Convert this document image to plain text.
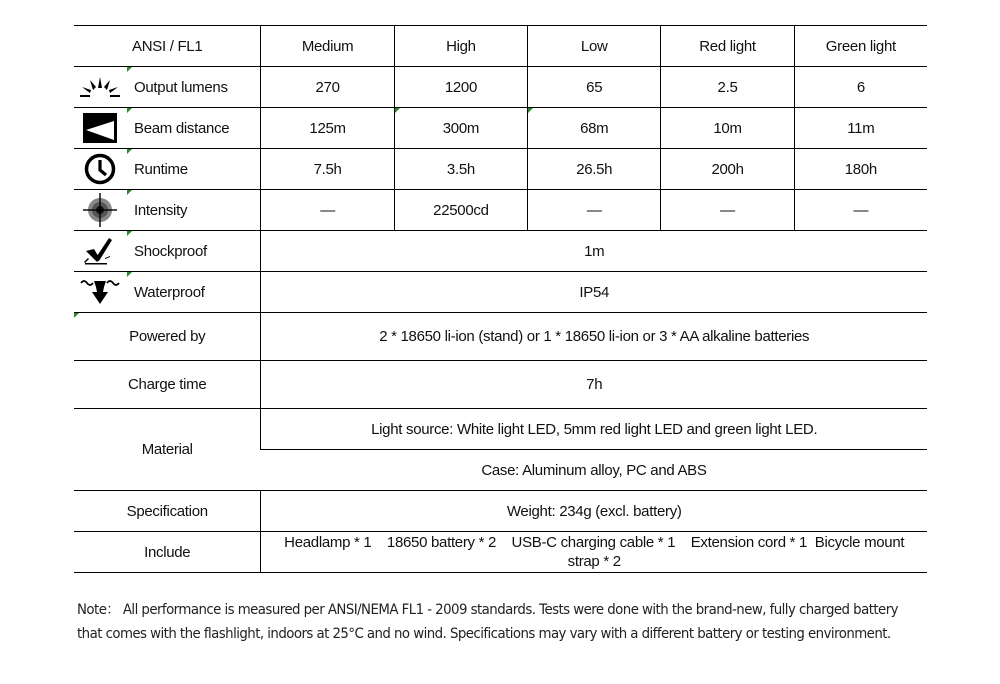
ANSI / FL1	Medium	High	Low	Red light	Green light

Output lumens	270	1200	65	2.5	6

Beam distance	125m	300m	68m	10m	11m

Runtime	7.5h	3.5h	26.5h	200h	180h

Intensity	—	22500cd	—	—	—

Shockproof	1m				

Waterproof	IP54				
Powered by	2 * 18650 li-ion (stand) or 1 * 18650 li-ion or 3 * AA alkaline batteries				
Charge time	7h				
Material	Light source: White light LED, 5mm red light LED and green light LED.				
	Case: Aluminum alloy, PC and ABS				
Specification	Weight: 234g (excl. battery)				
Include	Headlamp * 1    18650 battery * 2    USB-C charging cable * 1    Extension cord * 1  Bicycle mount strap * 2				
Note： All performance is measured per ANSI/NEMA FL1 - 2009 standards. Tests were done with the brand-new, fully charged battery that comes with the flashlight, indoors at 25°C and no wind. Specifications may vary with a different battery or testing environment.
